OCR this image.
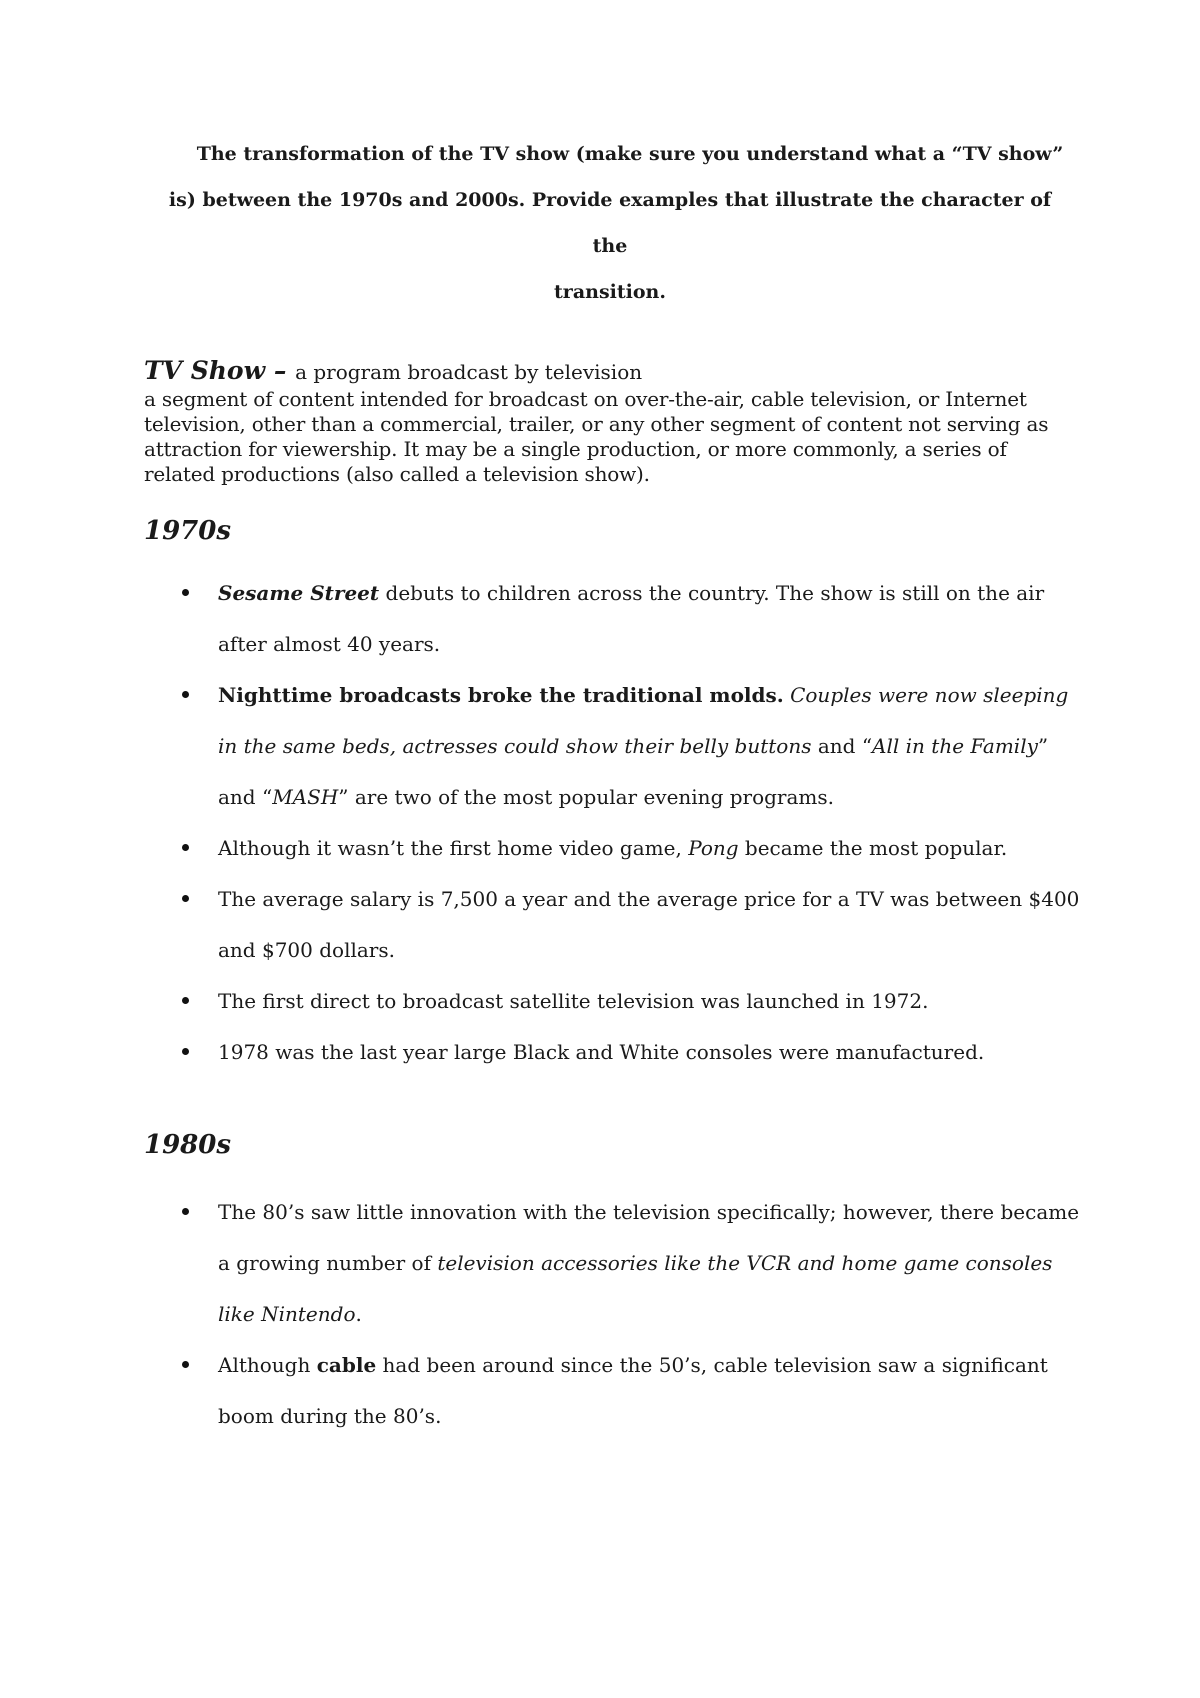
The transformation of the TV show (make sure you understand what a “TV show”
is) between the 1970s and 2000s. Provide examples that illustrate the character of the
transition.
TV Show – a program broadcast by television
a segment of content intended for broadcast on over-the-air, cable television, or Internet television, other than a commercial, trailer, or any other segment of content not serving as attraction for viewership. It may be a single production, or more commonly, a series of related productions (also called a television show).
1970s
Sesame Street debuts to children across the country. The show is still on the air after almost 40 years.
Nighttime broadcasts broke the traditional molds. Couples were now sleeping in the same beds, actresses could show their belly buttons and “All in the Family” and “MASH” are two of the most popular evening programs.
Although it wasn’t the first home video game, Pong became the most popular.
The average salary is 7,500 a year and the average price for a TV was between $400 and $700 dollars.
The first direct to broadcast satellite television was launched in 1972.
1978 was the last year large Black and White consoles were manufactured.
1980s
The 80’s saw little innovation with the television specifically; however, there became a growing number of television accessories like the VCR and home game consoles like Nintendo.
Although cable had been around since the 50’s, cable television saw a significant boom during the 80’s.
